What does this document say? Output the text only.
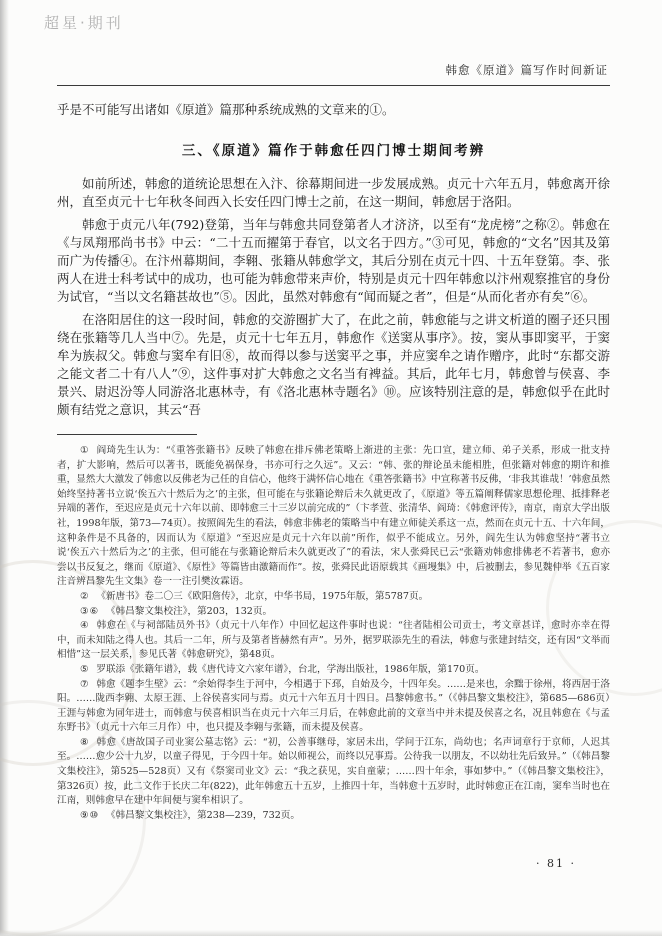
超星·期刊
韩愈《原道》篇写作时间新证

乎是不可能写出诸如《原道》篇那种系统成熟的文章来的①。

三、《原道》篇作于韩愈任四门博士期间考辨

如前所述，韩愈的道统论思想在入汴、徐幕期间进一步发展成熟。贞元十六年五月，韩愈离开徐州，直至贞元十七年秋冬间西入长安任四门博士之前，在这一期间，韩愈居于洛阳。

韩愈于贞元八年(792)登第，当年与韩愈共同登第者人才济济，以至有“龙虎榜”之称②。韩愈在《与凤翔邢尚书书》中云：“二十五而擢第于春官，以文名于四方。”③可见，韩愈的“文名”因其及第而广为传播④。在汴州幕期间，李翱、张籍从韩愈学文，其后分别在贞元十四、十五年登第。李、张两人在进士科考试中的成功，也可能为韩愈带来声价，特别是贞元十四年韩愈以汴州观察推官的身份为试官，“当以文名籍甚故也”⑤。因此，虽然对韩愈有“闻而疑之者”，但是“从而化者亦有矣”⑥。

在洛阳居住的这一段时间，韩愈的交游圈扩大了，在此之前，韩愈能与之讲文析道的圈子还只围绕在张籍等几人当中⑦。先是，贞元十七年五月，韩愈作《送窦从事序》。按，窦从事即窦平，于窦牟为族叔父。韩愈与窦牟有旧⑧，故而得以参与送窦平之事，并应窦牟之请作赠序，此时“东都交游之能文者二十有八人”⑨，这件事对扩大韩愈之文名当有裨益。其后，此年七月，韩愈曾与侯喜、李景兴、尉迟汾等人同游洛北惠林寺，有《洛北惠林寺题名》⑩。应该特别注意的是，韩愈似乎在此时颇有结党之意识，其云“吾

① 阎琦先生认为：“《重答张籍书》反映了韩愈在排斥佛老策略上渐进的主张：先口宣，建立师、弟子关系，形成一批支持者，扩大影响，然后可以著书，既能免祸保身，书亦可行之久远”。又云：“韩、张的辩论虽未能相胜，但张籍对韩愈的期许和推重，显然大大激发了韩愈以反佛老为己任的自信心，他终于满怀信心地在《重答张籍书》中宣称著书反佛，‘非我其谁哉！’韩愈虽然始终坚持著书立说‘俟五六十然后为之’的主张，但可能在与张籍论辩后未久就更改了，《原道》等五篇阐释儒家思想伦理、抵排释老异端的著作，至迟应是贞元十六年以前、即韩愈三十三岁以前完成的”（卞孝萱、张清华、阎琦：《韩愈评传》，南京，南京大学出版社，1998年版，第73—74页）。按照阎先生的看法，韩愈非佛老的策略当中有建立师徒关系这一点，然而在贞元十五、十六年间，这种条件是不具备的，因而认为《原道》“至迟应是贞元十六年以前”所作，似乎不能成立。另外，阎先生认为韩愈坚持“著书立说‘俟五六十然后为之’的主张，但可能在与张籍论辩后未久就更改了”的看法，宋人张舜民已云“张籍劝韩愈排佛老不若著书，愈亦尝以书反复之，继而《原道》、《原性》等篇皆由激籍而作”。按，张舜民此语原载其《画墁集》中，后被删去，参见魏仲举《五百家注音辨昌黎先生文集》卷一一注引樊汝霖语。

② 《新唐书》卷二〇三《欧阳詹传》，北京，中华书局，1975年版，第5787页。

③⑥ 《韩昌黎文集校注》，第203，132页。

④ 韩愈在《与祠部陆员外书》（贞元十八年作）中回忆起这件事时也说：“往者陆相公司贡士，考文章甚详，愈时亦幸在得中，而未知陆之得人也。其后一二年，所与及第者皆赫然有声”。另外，据罗联添先生的看法，韩愈与张建封结交，还有因“文举而相惜”这一层关系，参见氏著《韩愈研究》，第48页。

⑤ 罗联添《张籍年谱》，载《唐代诗文六家年谱》，台北，学海出版社，1986年版，第170页。

⑦ 韩愈《题李生壁》云：“余始得李生于河中，今相遇于下邳，自始及今，十四年矣。……是来也，余黜于徐州，将西居于洛阳。……陇西李翱、太原王涯、上谷侯喜实同与焉。贞元十六年五月十四日。昌黎韩愈书。”（《韩昌黎文集校注》，第685—686页）王涯与韩愈为同年进士，而韩愈与侯喜相识当在贞元十六年三月后，在韩愈此前的文章当中并未提及侯喜之名，况且韩愈在《与孟东野书》（贞元十六年三月作）中，也只提及李翱与张籍，而未提及侯喜。

⑧ 韩愈《唐故国子司业窦公墓志铭》云：“初，公善事继母，家居未出，学问于江东，尚幼也；名声词章行于京师，人迟其至。……愈少公十九岁，以童子得见，于今四十年。始以师视公，而终以兄事焉。公待我一以朋友，不以幼壮先后致异。”（《韩昌黎文集校注》，第525—528页）又有《祭窦司业文》云：“我之获见，实自童蒙；……四十年余，事如梦中。”（《韩昌黎文集校注》，第326页）按，此二文作于长庆二年(822)，此年韩愈五十五岁，上推四十年，当韩愈十五岁时，此时韩愈正在江南，窦牟当时也在江南，则韩愈早在建中年间便与窦牟相识了。

⑨⑩ 《韩昌黎文集校注》，第238—239，732页。

· 81 ·
